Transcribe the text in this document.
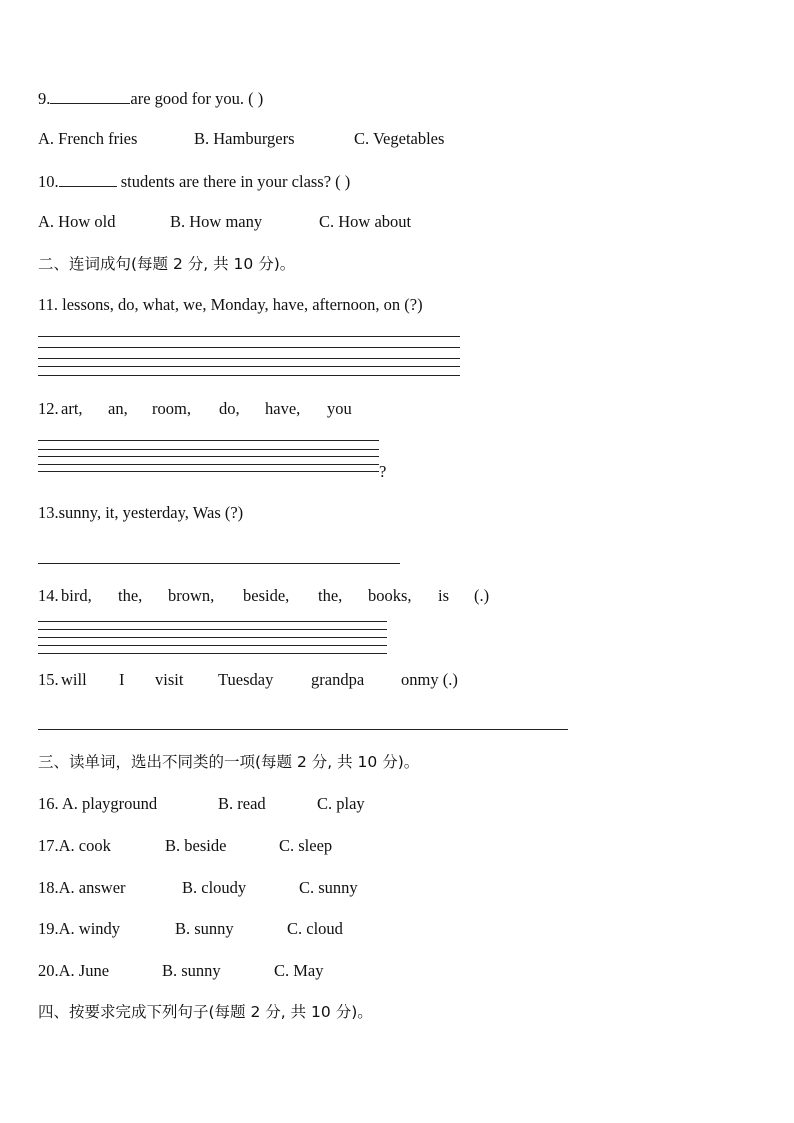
9.	are good for you. ( )
A. French fries	B. Hamburgers	C. Vegetables
10.	students are there in your class? ( )
A. How old	B. How many	C. How about
二、连词成句(每题 2 分, 共 10 分)。
11. lessons, do, what, we, Monday, have, afternoon, on (?)
12. art, an, room, do, have, you
?
13.sunny, it, yesterday, Was (?)
14. bird, the, brown, beside, the, books, is (.)
15. will I visit Tuesday grandpa onmy (.)
三、读单词，选出不同类的一项(每题 2 分, 共 10 分)。
16. A. playground	B. read	C. play
17.A. cook	B. beside	C. sleep
18.A. answer	B. cloudy	C. sunny
19.A. windy	B. sunny	C. cloud
20.A. June	B. sunny	C. May
四、按要求完成下列句子(每题 2 分, 共 10 分)。
